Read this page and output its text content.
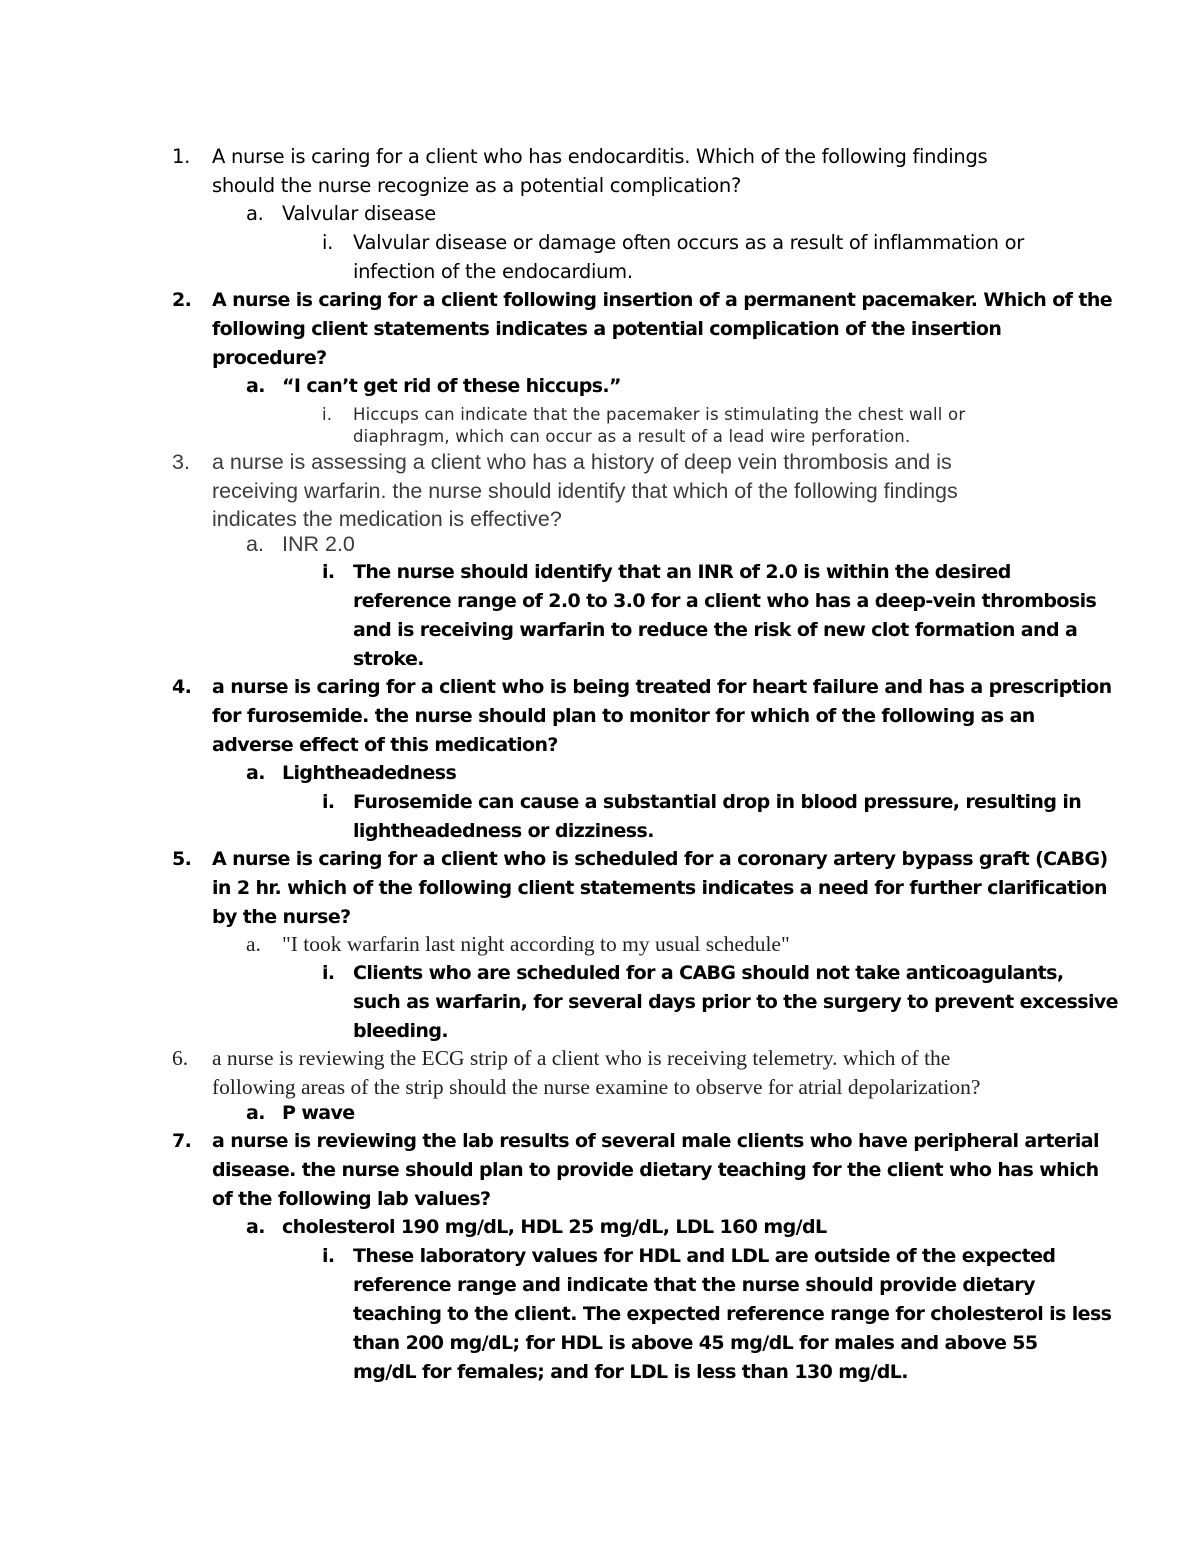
1. A nurse is caring for a client who has endocarditis. Which of the following findings
should the nurse recognize as a potential complication?
a. Valvular disease
i. Valvular disease or damage often occurs as a result of inflammation or
infection of the endocardium.
2. A nurse is caring for a client following insertion of a permanent pacemaker. Which of the
following client statements indicates a potential complication of the insertion
procedure?
a. “I can’t get rid of these hiccups.”
i. Hiccups can indicate that the pacemaker is stimulating the chest wall or
diaphragm, which can occur as a result of a lead wire perforation.
3. a nurse is assessing a client who has a history of deep vein thrombosis and is
receiving warfarin. the nurse should identify that which of the following findings
indicates the medication is effective?
a. INR 2.0
i. The nurse should identify that an INR of 2.0 is within the desired
reference range of 2.0 to 3.0 for a client who has a deep-vein thrombosis
and is receiving warfarin to reduce the risk of new clot formation and a
stroke.
4. a nurse is caring for a client who is being treated for heart failure and has a prescription
for furosemide. the nurse should plan to monitor for which of the following as an
adverse effect of this medication?
a. Lightheadedness
i. Furosemide can cause a substantial drop in blood pressure, resulting in
lightheadedness or dizziness.
5. A nurse is caring for a client who is scheduled for a coronary artery bypass graft (CABG)
in 2 hr. which of the following client statements indicates a need for further clarification
by the nurse?
a. "I took warfarin last night according to my usual schedule"
i. Clients who are scheduled for a CABG should not take anticoagulants,
such as warfarin, for several days prior to the surgery to prevent excessive
bleeding.
6. a nurse is reviewing the ECG strip of a client who is receiving telemetry. which of the
following areas of the strip should the nurse examine to observe for atrial depolarization?
a. P wave
7. a nurse is reviewing the lab results of several male clients who have peripheral arterial
disease. the nurse should plan to provide dietary teaching for the client who has which
of the following lab values?
a. cholesterol 190 mg/dL, HDL 25 mg/dL, LDL 160 mg/dL
i. These laboratory values for HDL and LDL are outside of the expected
reference range and indicate that the nurse should provide dietary
teaching to the client. The expected reference range for cholesterol is less
than 200 mg/dL; for HDL is above 45 mg/dL for males and above 55
mg/dL for females; and for LDL is less than 130 mg/dL.
